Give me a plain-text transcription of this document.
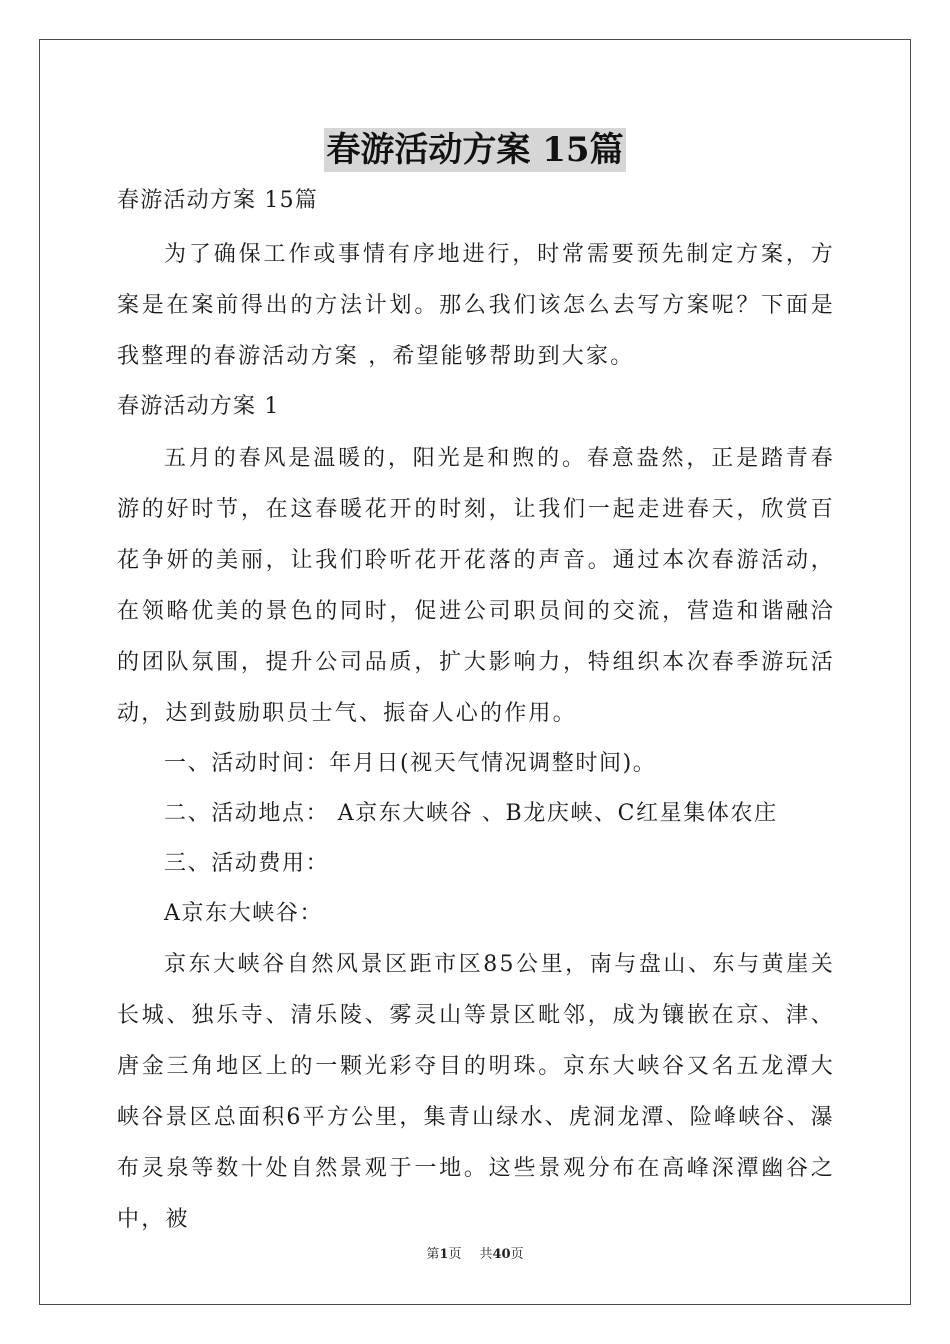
春游活动方案 15篇
春游活动方案 15篇

为了确保工作或事情有序地进行，时常需要预先制定方案，方案是在案前得出的方法计划。那么我们该怎么去写方案呢？下面是我整理的春游活动方案 ，希望能够帮助到大家。

春游活动方案 1

五月的春风是温暖的，阳光是和煦的。春意盎然，正是踏青春游的好时节，在这春暖花开的时刻，让我们一起走进春天，欣赏百花争妍的美丽，让我们聆听花开花落的声音。通过本次春游活动，在领略优美的景色的同时，促进公司职员间的交流，营造和谐融洽的团队氛围，提升公司品质，扩大影响力，特组织本次春季游玩活动，达到鼓励职员士气、振奋人心的作用。

一、活动时间：年月日(视天气情况调整时间)。

二、活动地点： A京东大峡谷 、B龙庆峡、C红星集体农庄

三、活动费用：

A京东大峡谷：

京东大峡谷自然风景区距市区85公里，南与盘山、东与黄崖关长城、独乐寺、清乐陵、雾灵山等景区毗邻，成为镶嵌在京、津、唐金三角地区上的一颗光彩夺目的明珠。京东大峡谷又名五龙潭大峡谷景区总面积6平方公里，集青山绿水、虎洞龙潭、险峰峡谷、瀑布灵泉等数十处自然景观于一地。这些景观分布在高峰深潭幽谷之中，被

第1页 共40页
